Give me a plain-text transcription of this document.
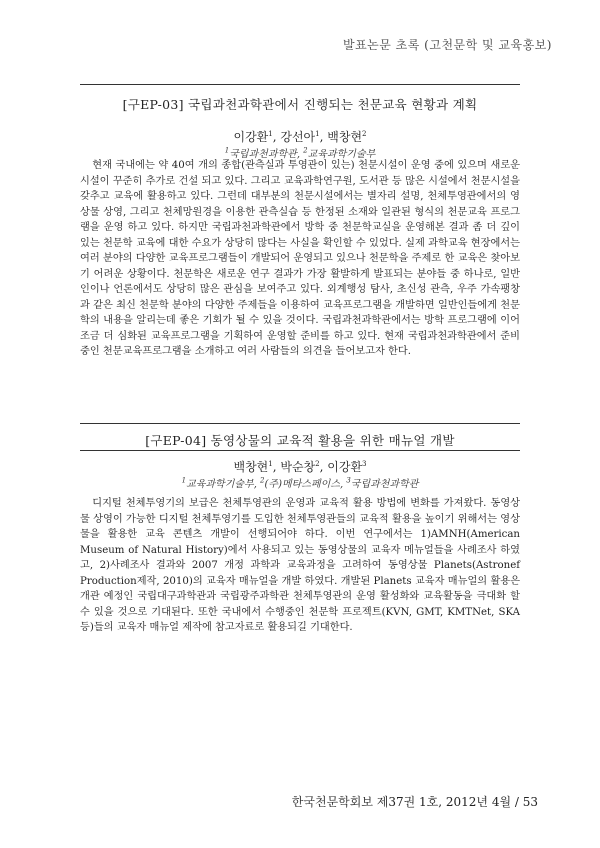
발표논문 초록 (고천문학 및 교육홍보)
[구EP-03] 국립과천과학관에서 진행되는 천문교육 현황과 계획
이강환$^1$, 강선아$^1$, 백창현$^2$
$^1$국립과천과학관, $^2$교육과학기술부

현재 국내에는 약 40여 개의 종합(관측실과 투영관이 있는) 천문시설이 운영 중에 있으며 새로운 시설이 꾸준히 추가로 건설 되고 있다. 그리고 교육과학연구원, 도서관 등 많은 시설에서 천문시설을 갖추고 교육에 활용하고 있다. 그런데 대부분의 천문시설에서는 별자리 설명, 천체투영관에서의 영상물 상영, 그리고 천체망원경을 이용한 관측실습 등 한정된 소재와 일관된 형식의 천문교육 프로그램을 운영 하고 있다. 하지만 국립과천과학관에서 방학 중 천문학교실을 운영해본 결과 좀 더 깊이 있는 천문학 교육에 대한 수요가 상당히 많다는 사실을 확인할 수 있었다. 실제 과학교육 현장에서는 여러 분야의 다양한 교육프로그램들이 개발되어 운영되고 있으나 천문학을 주제로 한 교육은 찾아보기 어려운 상황이다. 천문학은 새로운 연구 결과가 가장 활발하게 발표되는 분야들 중 하나로, 일반인이나 언론에서도 상당히 많은 관심을 보여주고 있다. 외계행성 탐사, 초신성 관측, 우주 가속팽창과 같은 최신 천문학 분야의 다양한 주제들을 이용하여 교육프로그램을 개발하면 일반인들에게 천문학의 내용을 알리는데 좋은 기회가 될 수 있을 것이다. 국립과천과학관에서는 방학 프로그램에 이어 조금 더 심화된 교육프로그램을 기획하여 운영할 준비를 하고 있다. 현재 국립과천과학관에서 준비 중인 천문교육프로그램을 소개하고 여러 사람들의 의견을 들어보고자 한다.

[구EP-04] 동영상물의 교육적 활용을 위한 매뉴얼 개발
백창현$^1$, 박순창$^2$, 이강환$^3$
$^1$교육과학기술부, $^2$(주)메타스페이스, $^3$국립과천과학관

디지털 천체투영기의 보급은 천체투영관의 운영과 교육적 활용 방법에 변화를 가져왔다. 동영상물 상영이 가능한 디지털 천체투영기를 도입한 천체투영관들의 교육적 활용을 높이기 위해서는 영상물을 활용한 교육 콘텐츠 개발이 선행되어야 하다. 이번 연구에서는 1)AMNH(American Museum of Natural History)에서 사용되고 있는 동영상물의 교육자 메뉴얼들을 사례조사 하였고, 2)사례조사 결과와 2007 개정 과학과 교육과정을 고려하여 동영상물 Planets(Astronef Production제작, 2010)의 교육자 매뉴얼을 개발 하였다. 개발된 Planets 교육자 매뉴얼의 활용은 개관 예정인 국립대구과학관과 국립광주과학관 천체투영관의 운영 활성화와 교육활동을 극대화 할 수 있을 것으로 기대된다. 또한 국내에서 수행중인 천문학 프로젝트(KVN, GMT, KMTNet, SKA 등)들의 교육자 매뉴얼 제작에 참고자료로 활용되길 기대한다.

한국천문학회보 제37권 1호, 2012년 4월 / 53
